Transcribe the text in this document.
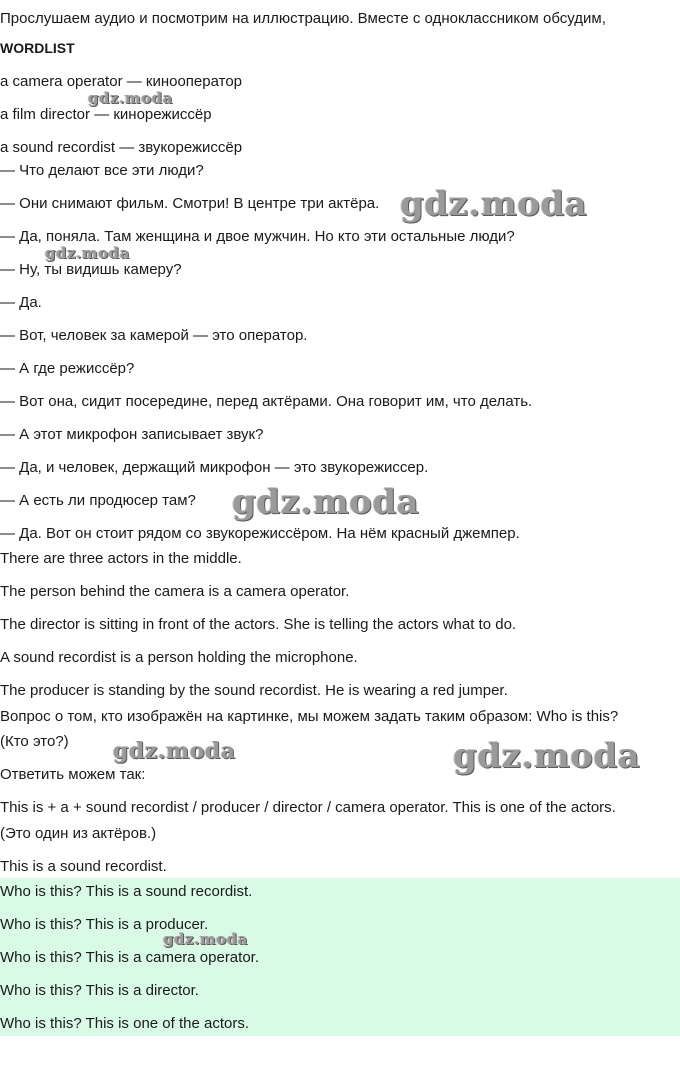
Прослушаем аудио и посмотрим на иллюстрацию. Вместе с одноклассником обсудим,
WORDLIST
a camera operator — кинооператор
a film director — кинорежиссёр
a sound recordist — звукорежиссёр
— Что делают все эти люди?
— Они снимают фильм. Смотри! В центре три актёра.
— Да, поняла. Там женщина и двое мужчин. Но кто эти остальные люди?
— Ну, ты видишь камеру?
— Да.
— Вот, человек за камерой — это оператор.
— А где режиссёр?
— Вот она, сидит посередине, перед актёрами. Она говорит им, что делать.
— А этот микрофон записывает звук?
— Да, и человек, держащий микрофон — это звукорежиссер.
— А есть ли продюсер там?
— Да. Вот он стоит рядом со звукорежиссёром. На нём красный джемпер.
There are three actors in the middle.
The person behind the camera is a camera operator.
The director is sitting in front of the actors. She is telling the actors what to do.
A sound recordist is a person holding the microphone.
The producer is standing by the sound recordist. He is wearing a red jumper.
Вопрос о том, кто изображён на картинке, мы можем задать таким образом: Who is this?
(Кто это?)
Ответить можем так:
This is + a + sound recordist / producer / director / camera operator. This is one of the actors.
(Это один из актёров.)
This is a sound recordist.
Who is this? This is a sound recordist.
Who is this? This is a producer.
Who is this? This is a camera operator.
Who is this? This is a director.
Who is this? This is one of the actors.
gdz.moda
gdz.moda
gdz.moda
gdz.moda
gdz.moda	gdz.moda
gdz.moda
